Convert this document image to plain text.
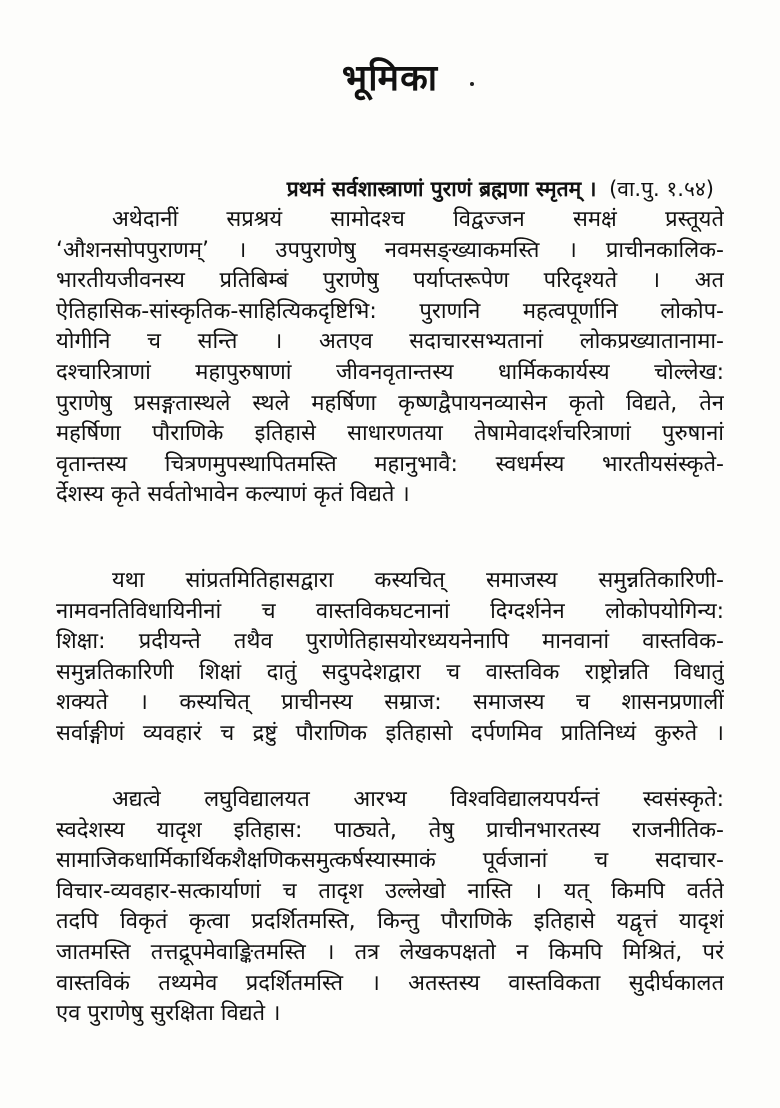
भूमिका
प्रथमं सर्वशास्त्राणां पुराणं ब्रह्मणा स्मृतम् । (वा.पु. १.५४)
अथेदानीं सप्रश्रयं सामोदश्च विद्वज्जन समक्षं प्रस्तूयते
‘औशनसोपपुराणम्’ । उपपुराणेषु नवमसङ्ख्याकमस्ति । प्राचीनकालिक-
भारतीयजीवनस्य प्रतिबिम्बं पुराणेषु पर्याप्तरूपेण परिदृश्यते । अत
ऐतिहासिक-सांस्कृतिक-साहित्यिकदृष्टिभि: पुराणनि महत्वपूर्णानि लोकोप-
योगीनि च सन्ति । अतएव सदाचारसभ्यतानां लोकप्रख्यातानामा-
दश्चारित्राणां महापुरुषाणां जीवनवृतान्तस्य धार्मिककार्यस्य चोल्लेख:
पुराणेषु प्रसङ्गतास्थले स्थले महर्षिणा कृष्णद्वैपायनव्यासेन कृतो विद्यते, तेन
महर्षिणा पौराणिके इतिहासे साधारणतया तेषामेवादर्शचरित्राणां पुरुषानां
वृतान्तस्य चित्रणमुपस्थापितमस्ति महानुभावै: स्वधर्मस्य भारतीयसंस्कृते-
र्देशस्य कृते सर्वतोभावेन कल्याणं कृतं विद्यते ।
यथा सांप्रतमितिहासद्वारा कस्यचित् समाजस्य समुन्नतिकारिणी-
नामवनतिविधायिनीनां च वास्तविकघटनानां दिग्दर्शनेन लोकोपयोगिन्य:
शिक्षा: प्रदीयन्ते तथैव पुराणेतिहासयोरध्ययनेनापि मानवानां वास्तविक-
समुन्नतिकारिणी शिक्षां दातुं सदुपदेशद्वारा च वास्तविक राष्ट्रोन्नति विधातुं
शक्यते । कस्यचित् प्राचीनस्य सम्राज: समाजस्य च शासनप्रणालीं
सर्वाङ्गीणं व्यवहारं च द्रष्टुं पौराणिक इतिहासो दर्पणमिव प्रातिनिध्यं कुरुते ।
अद्यत्वे लघुविद्यालयत आरभ्य विश्वविद्यालयपर्यन्तं स्वसंस्कृते:
स्वदेशस्य यादृश इतिहास: पाठ्यते, तेषु प्राचीनभारतस्य राजनीतिक-
सामाजिकधार्मिकार्थिकशैक्षणिकसमुत्कर्षस्यास्माकं पूर्वजानां च सदाचार-
विचार-व्यवहार-सत्कार्याणां च तादृश उल्लेखो नास्ति । यत् किमपि वर्तते
तदपि विकृतं कृत्वा प्रदर्शितमस्ति, किन्तु पौराणिके इतिहासे यद्वृत्तं यादृशं
जातमस्ति तत्तद्रूपमेवाङ्कितमस्ति । तत्र लेखकपक्षतो न किमपि मिश्रितं, परं
वास्तविकं तथ्यमेव प्रदर्शितमस्ति । अतस्तस्य वास्तविकता सुदीर्घकालत
एव पुराणेषु सुरक्षिता विद्यते ।
